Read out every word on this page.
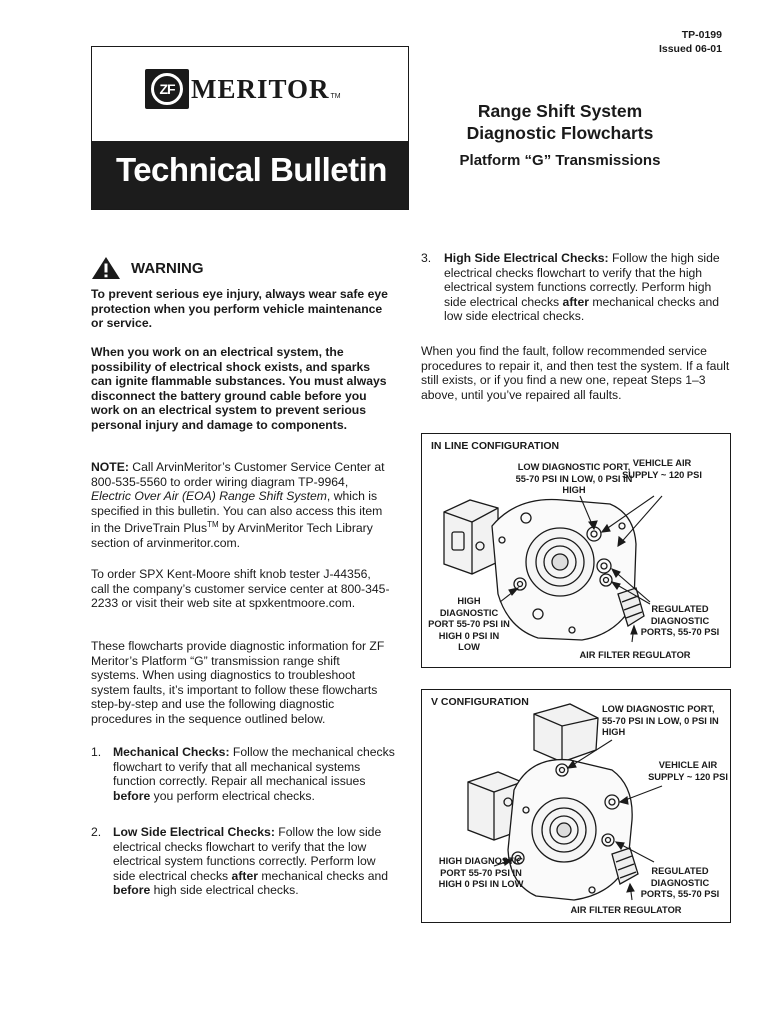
TP-0199
Issued 06-01
ZF MERITOR TM
Technical Bulletin
Range Shift System
Diagnostic Flowcharts
Platform “G” Transmissions
WARNING
To prevent serious eye injury, always wear safe eye protection when you perform vehicle maintenance or service.
When you work on an electrical system, the possibility of electrical shock exists, and sparks can ignite flammable substances. You must always disconnect the battery ground cable before you work on an electrical system to prevent serious personal injury and damage to components.
NOTE: Call ArvinMeritor’s Customer Service Center at 800-535-5560 to order wiring diagram TP-9964, Electric Over Air (EOA) Range Shift System, which is specified in this bulletin. You can also access this item in the DriveTrain Plus™ by ArvinMeritor Tech Library section of arvinmeritor.com.
To order SPX Kent-Moore shift knob tester J-44356, call the company’s customer service center at 800-345-2233 or visit their web site at spxkentmoore.com.
These flowcharts provide diagnostic information for ZF Meritor’s Platform “G” transmission range shift systems. When using diagnostics to troubleshoot system faults, it’s important to follow these flowcharts step-by-step and use the following diagnostic procedures in the sequence outlined below.
1. Mechanical Checks: Follow the mechanical checks flowchart to verify that all mechanical systems function correctly. Repair all mechanical issues before you perform electrical checks.
2. Low Side Electrical Checks: Follow the low side electrical checks flowchart to verify that the low electrical system functions correctly. Perform low side electrical checks after mechanical checks and before high side electrical checks.
3.	High Side Electrical Checks: Follow the high side electrical checks flowchart to verify that the high electrical system functions correctly. Perform high side electrical checks after mechanical checks and low side electrical checks.
When you find the fault, follow recommended service procedures to repair it, and then test the system. If a fault still exists, or if you find a new one, repeat Steps 1–3 above, until you’ve repaired all faults.
IN LINE CONFIGURATION
LOW DIAGNOSTIC PORT, 55-70 PSI IN LOW, 0 PSI IN HIGH
VEHICLE AIR SUPPLY ~ 120 PSI
HIGH DIAGNOSTIC PORT 55-70 PSI IN HIGH 0 PSI IN LOW
REGULATED DIAGNOSTIC PORTS, 55-70 PSI
AIR FILTER REGULATOR
V CONFIGURATION
LOW DIAGNOSTIC PORT, 55-70 PSI IN LOW, 0 PSI IN HIGH
VEHICLE AIR SUPPLY ~ 120 PSI
HIGH DIAGNOSTIC PORT 55-70 PSI IN HIGH 0 PSI IN LOW
REGULATED DIAGNOSTIC PORTS, 55-70 PSI
AIR FILTER REGULATOR
